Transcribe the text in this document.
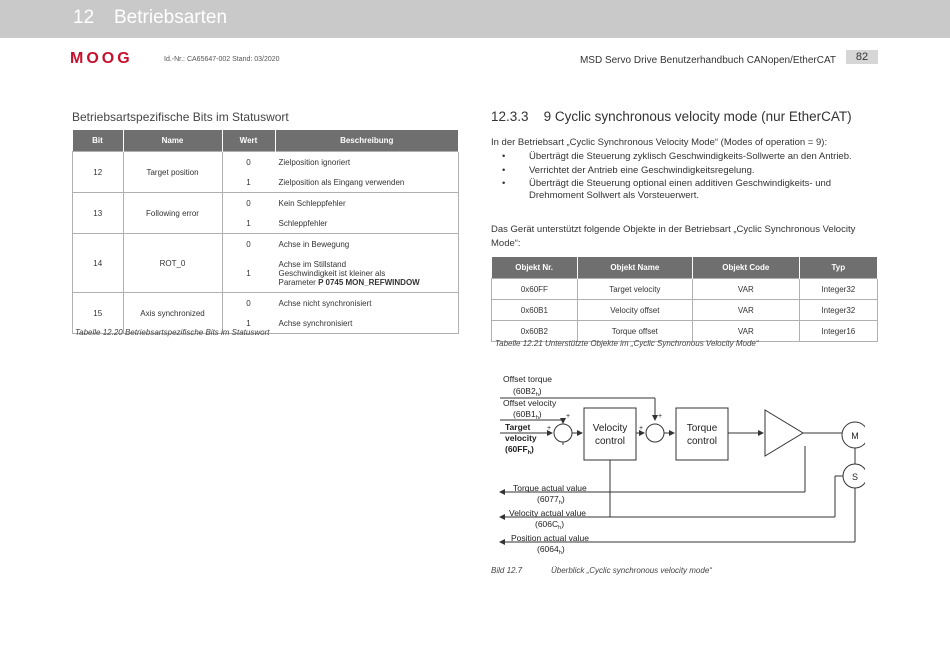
12 Betriebsarten
MOOG	Id.-Nr.: CA65647-002 Stand: 03/2020	MSD Servo Drive Benutzerhandbuch CANopen/EtherCAT	82
Betriebsartspezifische Bits im Statuswort
Bit	Name	Wert	Beschreibung
12	Target position	
0	Zielposition ignoriert
1	Zielposition als Eingang verwenden

13	Following error	
0	Kein Schleppfehler
1	Schleppfehler

14	ROT_0	
0	Achse in Bewegung
1	Achse im Stillstand
Geschwindigkeit ist kleiner als
Parameter P 0745 MON_REFWINDOW

15	Axis synchronized	
0	Achse nicht synchronisiert
1	Achse synchronisiert
Tabelle 12.20 Betriebsartspezifische Bits im Statuswort
12.3.3 9 Cyclic synchronous velocity mode (nur EtherCAT)
In der Betriebsart „Cyclic Synchronous Velocity Mode“ (Modes of operation = 9):
• Überträgt die Steuerung zyklisch Geschwindigkeits-Sollwerte an den Antrieb.
• Verrichtet der Antrieb eine Geschwindigkeitsregelung.
• Überträgt die Steuerung optional einen additiven Geschwindigkeits- und Drehmoment Sollwert als Vorsteuerwert.
Das Gerät unterstützt folgende Objekte in der Betriebsart „Cyclic Synchronous Velocity Mode“:
Objekt Nr.	Objekt Name	Objekt Code	Typ
0x60FF	Target velocity	VAR	Integer32
0x60B1	Velocity offset	VAR	Integer32
0x60B2	Torque offset	VAR	Integer16
Tabelle 12.21 Unterstützte Objekte im „Cyclic Synchronous Velocity Mode“
Offset torque
$(60B2_h)$
Offset velocity
$(60B1_h)$
Target
velocity
$(60FF_h)$
+
+
+
+
Velocity
control
Torque
control	M
S
Torque actual value
$(6077_h)$
Velocity actual value
$(606C_h)$
Position actual value
$(6064_h)$
Bild 12.7	Überblick „Cyclic synchronous velocity mode“
